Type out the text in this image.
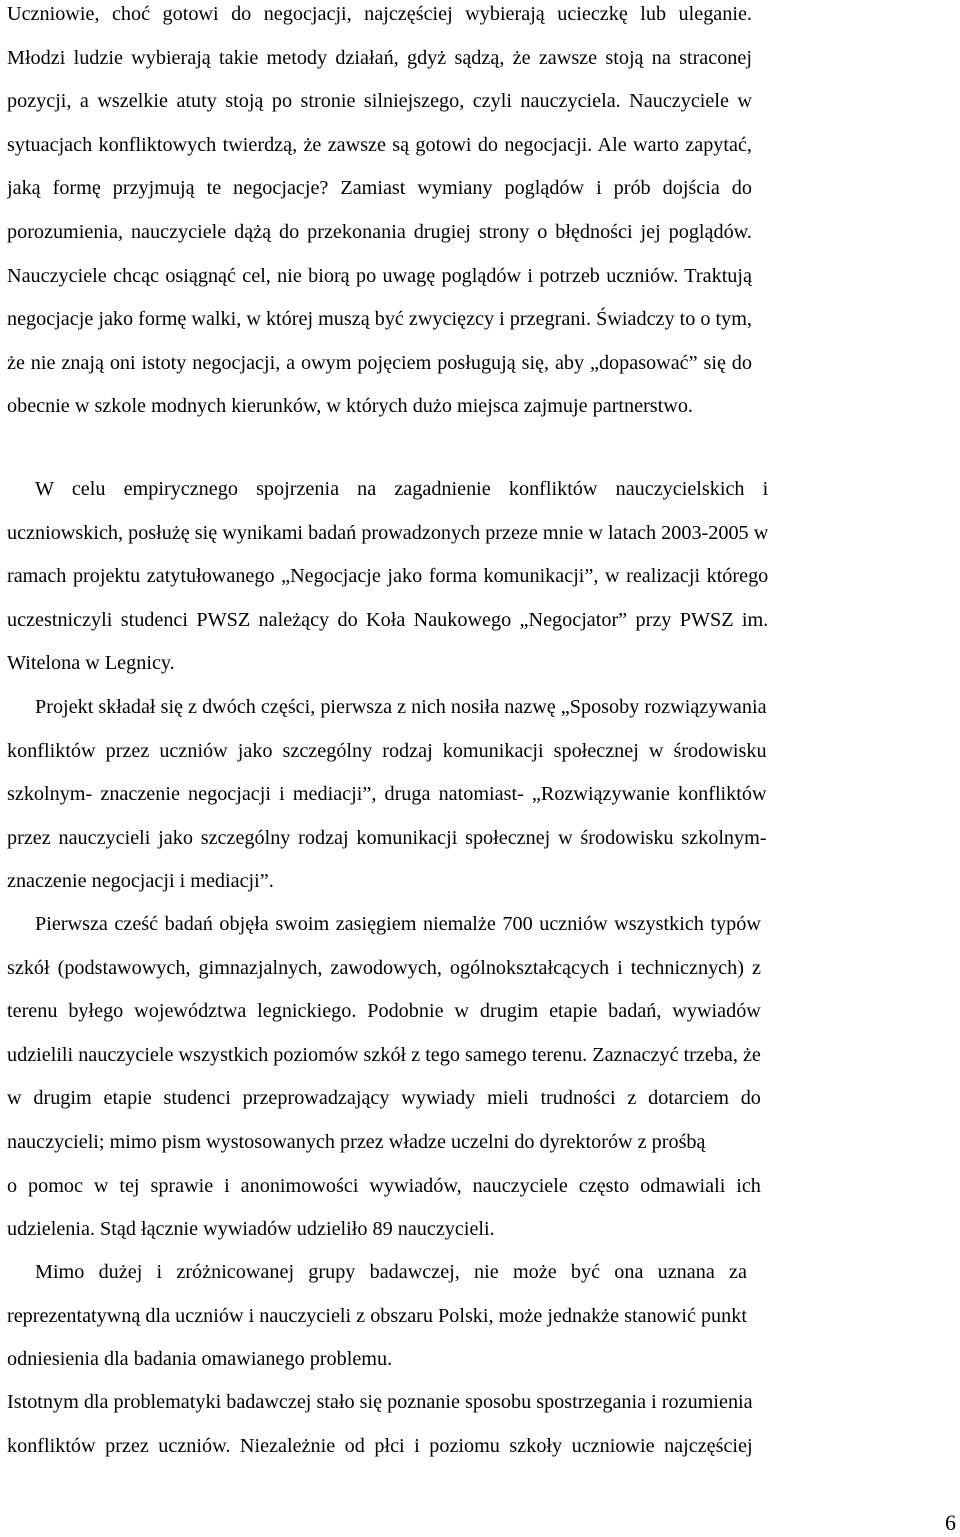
Uczniowie, choć gotowi do negocjacji, najczęściej wybierają ucieczkę lub uleganie.
Młodzi ludzie wybierają takie metody działań, gdyż sądzą, że zawsze stoją na straconej
pozycji, a wszelkie atuty stoją po stronie silniejszego, czyli nauczyciela. Nauczyciele w
sytuacjach konfliktowych twierdzą, że zawsze są gotowi do negocjacji. Ale warto zapytać,
jaką formę przyjmują te negocjacje? Zamiast wymiany poglądów i prób dojścia do
porozumienia, nauczyciele dążą do przekonania drugiej strony o błędności jej poglądów.
Nauczyciele chcąc osiągnąć cel, nie biorą po uwagę poglądów i potrzeb uczniów. Traktują
negocjacje jako formę walki, w której muszą być zwycięzcy i przegrani. Świadczy to o tym,
że nie znają oni istoty negocjacji, a owym pojęciem posługują się, aby „dopasować” się do
obecnie w szkole modnych kierunków, w których dużo miejsca zajmuje partnerstwo.
W celu empirycznego spojrzenia na zagadnienie konfliktów nauczycielskich i
uczniowskich, posłużę się wynikami badań prowadzonych przeze mnie w latach 2003-2005 w
ramach projektu zatytułowanego „Negocjacje jako forma komunikacji”, w realizacji którego
uczestniczyli studenci PWSZ należący do Koła Naukowego „Negocjator” przy PWSZ im.
Witelona w Legnicy.
Projekt składał się z dwóch części, pierwsza z nich nosiła nazwę „Sposoby rozwiązywania
konfliktów przez uczniów jako szczególny rodzaj komunikacji społecznej w środowisku
szkolnym- znaczenie negocjacji i mediacji”, druga natomiast- „Rozwiązywanie konfliktów
przez nauczycieli jako szczególny rodzaj komunikacji społecznej w środowisku szkolnym-
znaczenie negocjacji i mediacji”.
Pierwsza cześć badań objęła swoim zasięgiem niemalże 700 uczniów wszystkich typów
szkół (podstawowych, gimnazjalnych, zawodowych, ogólnokształcących i technicznych) z
terenu byłego województwa legnickiego. Podobnie w drugim etapie badań, wywiadów
udzielili nauczyciele wszystkich poziomów szkół z tego samego terenu. Zaznaczyć trzeba, że
w drugim etapie studenci przeprowadzający wywiady mieli trudności z dotarciem do
nauczycieli; mimo pism wystosowanych przez władze uczelni do dyrektorów z prośbą
o pomoc w tej sprawie i anonimowości wywiadów, nauczyciele często odmawiali ich
udzielenia. Stąd łącznie wywiadów udzieliło 89 nauczycieli.
Mimo dużej i zróżnicowanej grupy badawczej, nie może być ona uznana za
reprezentatywną dla uczniów i nauczycieli z obszaru Polski, może jednakże stanowić punkt
odniesienia dla badania omawianego problemu.
Istotnym dla problematyki badawczej stało się poznanie sposobu spostrzegania i rozumienia
konfliktów przez uczniów. Niezależnie od płci i poziomu szkoły uczniowie najczęściej
6
